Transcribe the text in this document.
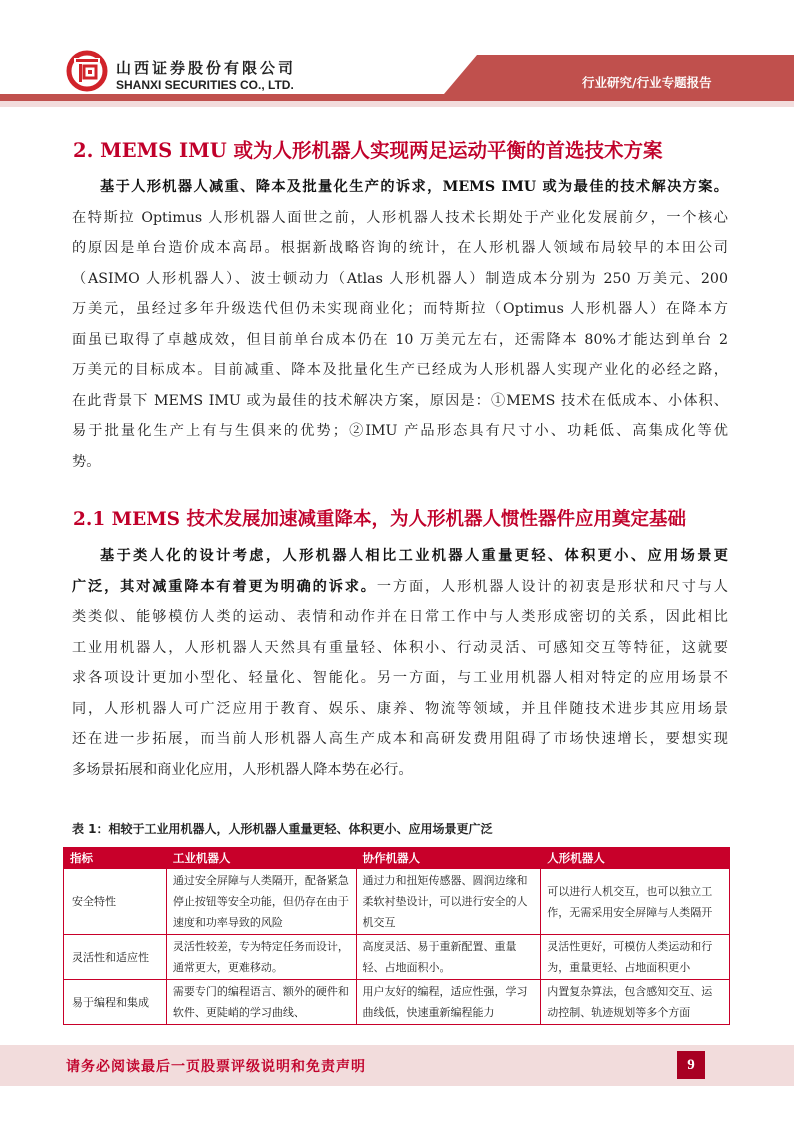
山西证券股份有限公司
SHANXI SECURITIES CO., LTD.	行业研究/行业专题报告
2. MEMS IMU 或为人形机器人实现两足运动平衡的首选技术方案
基于人形机器人减重、降本及批量化生产的诉求，MEMS IMU 或为最佳的技术解决方案。
在特斯拉 Optimus 人形机器人面世之前，人形机器人技术长期处于产业化发展前夕，一个核心
的原因是单台造价成本高昂。根据新战略咨询的统计，在人形机器人领域布局较早的本田公司
（ASIMO 人形机器人）、波士顿动力（Atlas 人形机器人）制造成本分别为 250 万美元、200
万美元，虽经过多年升级迭代但仍未实现商业化；而特斯拉（Optimus 人形机器人）在降本方
面虽已取得了卓越成效，但目前单台成本仍在 10 万美元左右，还需降本 80%才能达到单台 2
万美元的目标成本。目前减重、降本及批量化生产已经成为人形机器人实现产业化的必经之路，
在此背景下 MEMS IMU 或为最佳的技术解决方案，原因是：①MEMS 技术在低成本、小体积、
易于批量化生产上有与生俱来的优势；②IMU 产品形态具有尺寸小、功耗低、高集成化等优
势。
2.1 MEMS 技术发展加速减重降本，为人形机器人惯性器件应用奠定基础
基于类人化的设计考虑，人形机器人相比工业机器人重量更轻、体积更小、应用场景更
广泛，其对减重降本有着更为明确的诉求。一方面，人形机器人设计的初衷是形状和尺寸与人
类类似、能够模仿人类的运动、表情和动作并在日常工作中与人类形成密切的关系，因此相比
工业用机器人，人形机器人天然具有重量轻、体积小、行动灵活、可感知交互等特征，这就要
求各项设计更加小型化、轻量化、智能化。另一方面，与工业用机器人相对特定的应用场景不
同，人形机器人可广泛应用于教育、娱乐、康养、物流等领域，并且伴随技术进步其应用场景
还在进一步拓展，而当前人形机器人高生产成本和高研发费用阻碍了市场快速增长，要想实现
多场景拓展和商业化应用，人形机器人降本势在必行。
表 1：相较于工业用机器人，人形机器人重量更轻、体积更小、应用场景更广泛
指标	工业机器人	协作机器人	人形机器人
安全特性	通过安全屏障与人类隔开，配备紧急停止按钮等安全功能，但仍存在由于速度和功率导致的风险	通过力和扭矩传感器、圆润边缘和柔软衬垫设计，可以进行安全的人机交互	可以进行人机交互，也可以独立工作，无需采用安全屏障与人类隔开
灵活性和适应性	灵活性较差，专为特定任务而设计，通常更大，更难移动。	高度灵活、易于重新配置、重量轻、占地面积小。	灵活性更好，可模仿人类运动和行为，重量更轻、占地面积更小
易于编程和集成	需要专门的编程语言、额外的硬件和软件、更陡峭的学习曲线、	用户友好的编程，适应性强，学习曲线低，快速重新编程能力	内置复杂算法，包含感知交互、运动控制、轨迹规划等多个方面
请务必阅读最后一页股票评级说明和免责声明	9
